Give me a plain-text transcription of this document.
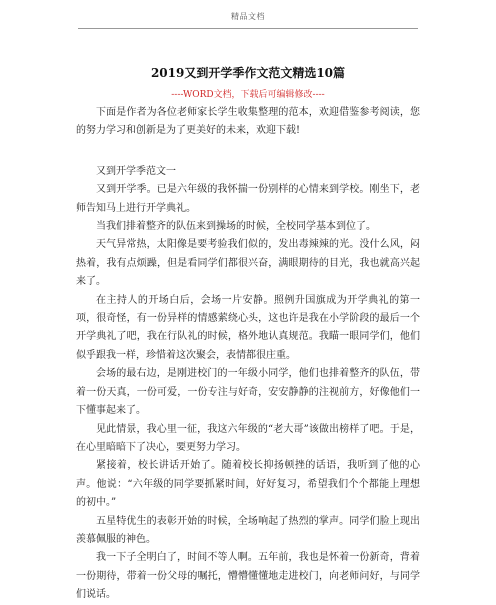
精品文档
2019又到开学季作文范文精选10篇
----WORD文档，下载后可编辑修改----

下面是作者为各位老师家长学生收集整理的范本，欢迎借鉴参考阅读，您的努力学习和创新是为了更美好的未来，欢迎下载!

又到开学季范文一

又到开学季。已是六年级的我怀揣一份别样的心情来到学校。刚坐下，老师告知马上进行开学典礼。

当我们排着整齐的队伍来到操场的时候，全校同学基本到位了。

天气异常热，太阳像是要考验我们似的，发出毒辣辣的光。没什么风，闷热着，我有点烦躁，但是看同学们都很兴奋，满眼期待的目光，我也就高兴起来了。

在主持人的开场白后，会场一片安静。照例升国旗成为开学典礼的第一项，很奇怪，有一份异样的情感萦绕心头，这也许是我在小学阶段的最后一个开学典礼了吧，我在行队礼的时候，格外地认真规范。我瞄一眼同学们，他们似乎跟我一样，珍惜着这次聚会，表情都很庄重。

会场的最右边，是刚进校门的一年级小同学，他们也排着整齐的队伍，带着一份天真，一份可爱，一份专注与好奇，安安静静的注视前方，好像他们一下懂事起来了。

见此情景，我心里一征，我这六年级的“老大哥”该做出榜样了吧。于是，在心里暗暗下了决心，要更努力学习。

紧接着，校长讲话开始了。随着校长抑扬顿挫的话语，我听到了他的心声。他说：“六年级的同学要抓紧时间，好好复习，希望我们个个都能上理想的初中。”

五星特优生的表彰开始的时候，全场响起了热烈的掌声。同学们脸上现出羡慕佩服的神色。

我一下子全明白了，时间不等人啊。五年前，我也是怀着一份新奇，背着一份期待，带着一份父母的嘱托，懵懵懂懂地走进校门，向老师问好，与同学们说话。
